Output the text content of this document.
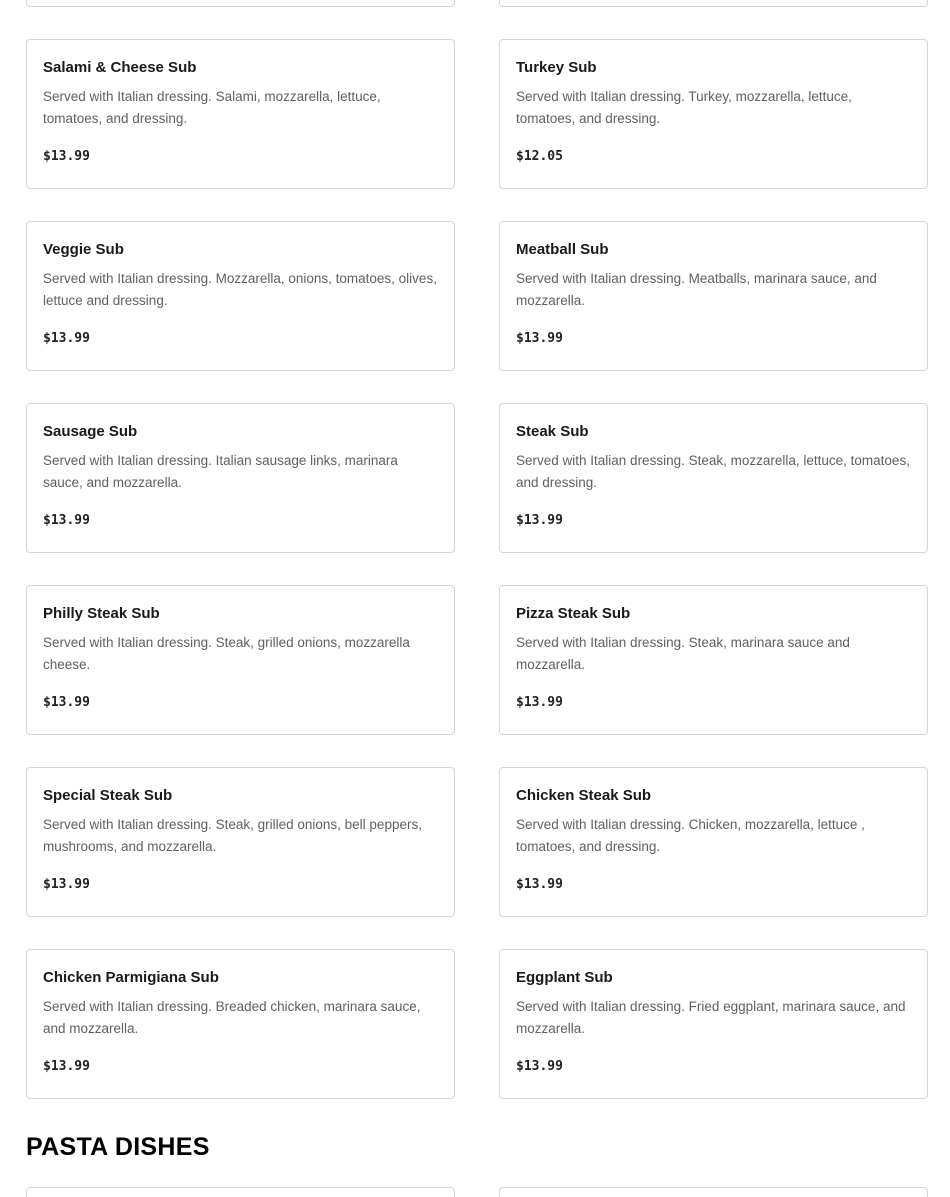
Salami & Cheese Sub
Served with Italian dressing. Salami, mozzarella, lettuce, tomatoes, and dressing.
$13.99
Turkey Sub
Served with Italian dressing. Turkey, mozzarella, lettuce, tomatoes, and dressing.
$12.05
Veggie Sub
Served with Italian dressing. Mozzarella, onions, tomatoes, olives, lettuce and dressing.
$13.99
Meatball Sub
Served with Italian dressing. Meatballs, marinara sauce, and mozzarella.
$13.99
Sausage Sub
Served with Italian dressing. Italian sausage links, marinara sauce, and mozzarella.
$13.99
Steak Sub
Served with Italian dressing. Steak, mozzarella, lettuce, tomatoes, and dressing.
$13.99
Philly Steak Sub
Served with Italian dressing. Steak, grilled onions, mozzarella cheese.
$13.99
Pizza Steak Sub
Served with Italian dressing. Steak, marinara sauce and mozzarella.
$13.99
Special Steak Sub
Served with Italian dressing. Steak, grilled onions, bell peppers, mushrooms, and mozzarella.
$13.99
Chicken Steak Sub
Served with Italian dressing. Chicken, mozzarella, lettuce , tomatoes, and dressing.
$13.99
Chicken Parmigiana Sub
Served with Italian dressing. Breaded chicken, marinara sauce, and mozzarella.
$13.99
Eggplant Sub
Served with Italian dressing. Fried eggplant, marinara sauce, and mozzarella.
$13.99
PASTA DISHES
